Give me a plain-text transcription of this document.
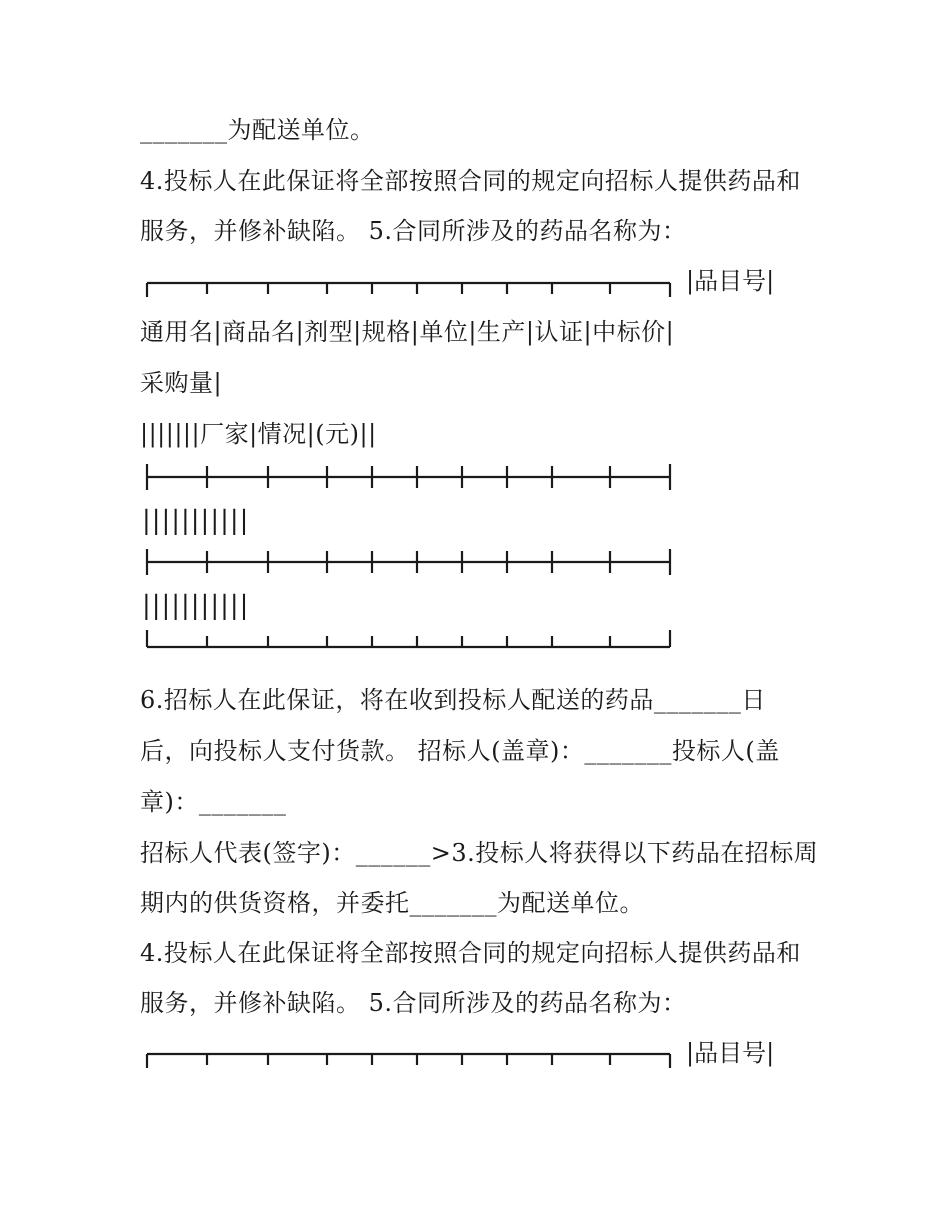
_______为配送单位。
4.投标人在此保证将全部按照合同的规定向招标人提供药品和
服务，并修补缺陷。 5.合同所涉及的药品名称为：
|品目号|
通用名|商品名|剂型|规格|单位|生产|认证|中标价|
采购量|
|||||||厂家|情况|(元)||
|||||||||||
|||||||||||
6.招标人在此保证，将在收到投标人配送的药品_______日
后，向投标人支付货款。 招标人(盖章)：_______投标人(盖
章)：_______
招标人代表(签字)：______>3.投标人将获得以下药品在招标周
期内的供货资格，并委托_______为配送单位。
4.投标人在此保证将全部按照合同的规定向招标人提供药品和
服务，并修补缺陷。 5.合同所涉及的药品名称为：
|品目号|
